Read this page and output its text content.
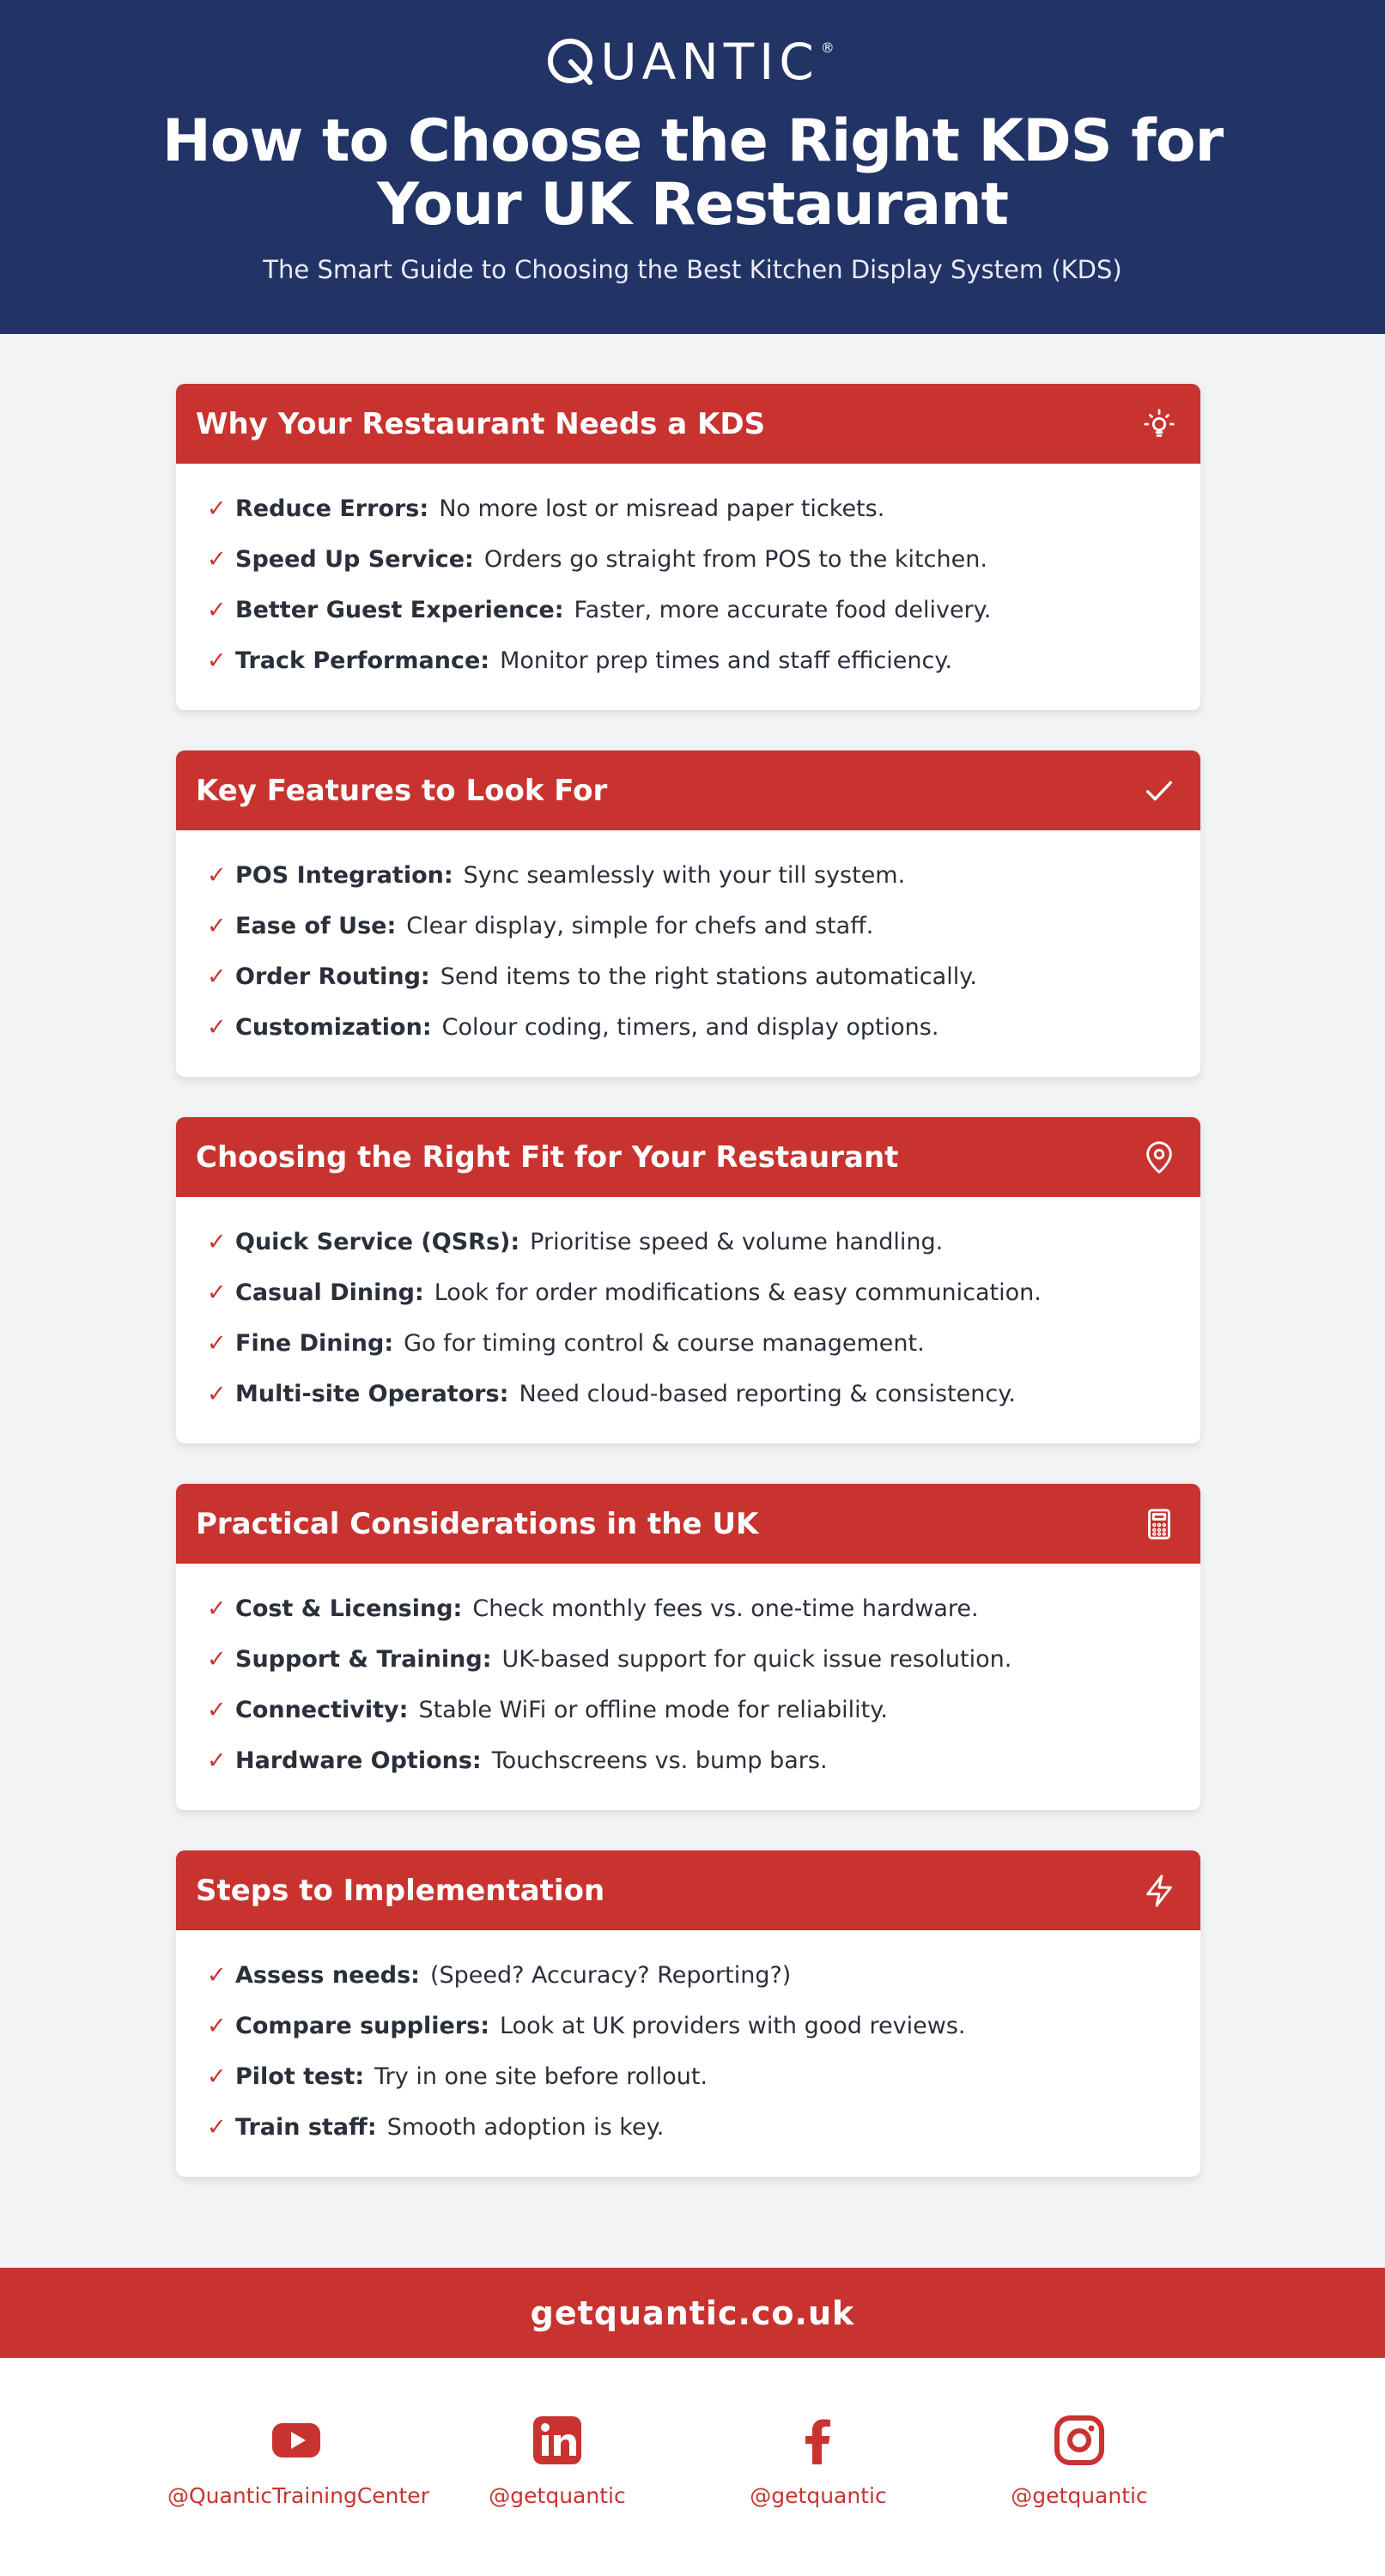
UANTIC ®
How to Choose the Right KDS for
Your UK Restaurant
The Smart Guide to Choosing the Best Kitchen Display System (KDS)
Why Your Restaurant Needs a KDS
✓ Reduce Errors: No more lost or misread paper tickets.
✓ Speed Up Service: Orders go straight from POS to the kitchen.
✓ Better Guest Experience: Faster, more accurate food delivery.
✓ Track Performance: Monitor prep times and staff efficiency.
Key Features to Look For
✓ POS Integration: Sync seamlessly with your till system.
✓ Ease of Use: Clear display, simple for chefs and staff.
✓ Order Routing: Send items to the right stations automatically.
✓ Customization: Colour coding, timers, and display options.
Choosing the Right Fit for Your Restaurant
✓ Quick Service (QSRs): Prioritise speed & volume handling.
✓ Casual Dining: Look for order modifications & easy communication.
✓ Fine Dining: Go for timing control & course management.
✓ Multi-site Operators: Need cloud-based reporting & consistency.
Practical Considerations in the UK
✓ Cost & Licensing: Check monthly fees vs. one-time hardware.
✓ Support & Training: UK-based support for quick issue resolution.
✓ Connectivity: Stable WiFi or offline mode for reliability.
✓ Hardware Options: Touchscreens vs. bump bars.
Steps to Implementation
✓ Assess needs: (Speed? Accuracy? Reporting?)
✓ Compare suppliers: Look at UK providers with good reviews.
✓ Pilot test: Try in one site before rollout.
✓ Train staff: Smooth adoption is key.
getquantic.co.uk
@QuanticTrainingCenter	@getquantic	@getquantic	@getquantic
